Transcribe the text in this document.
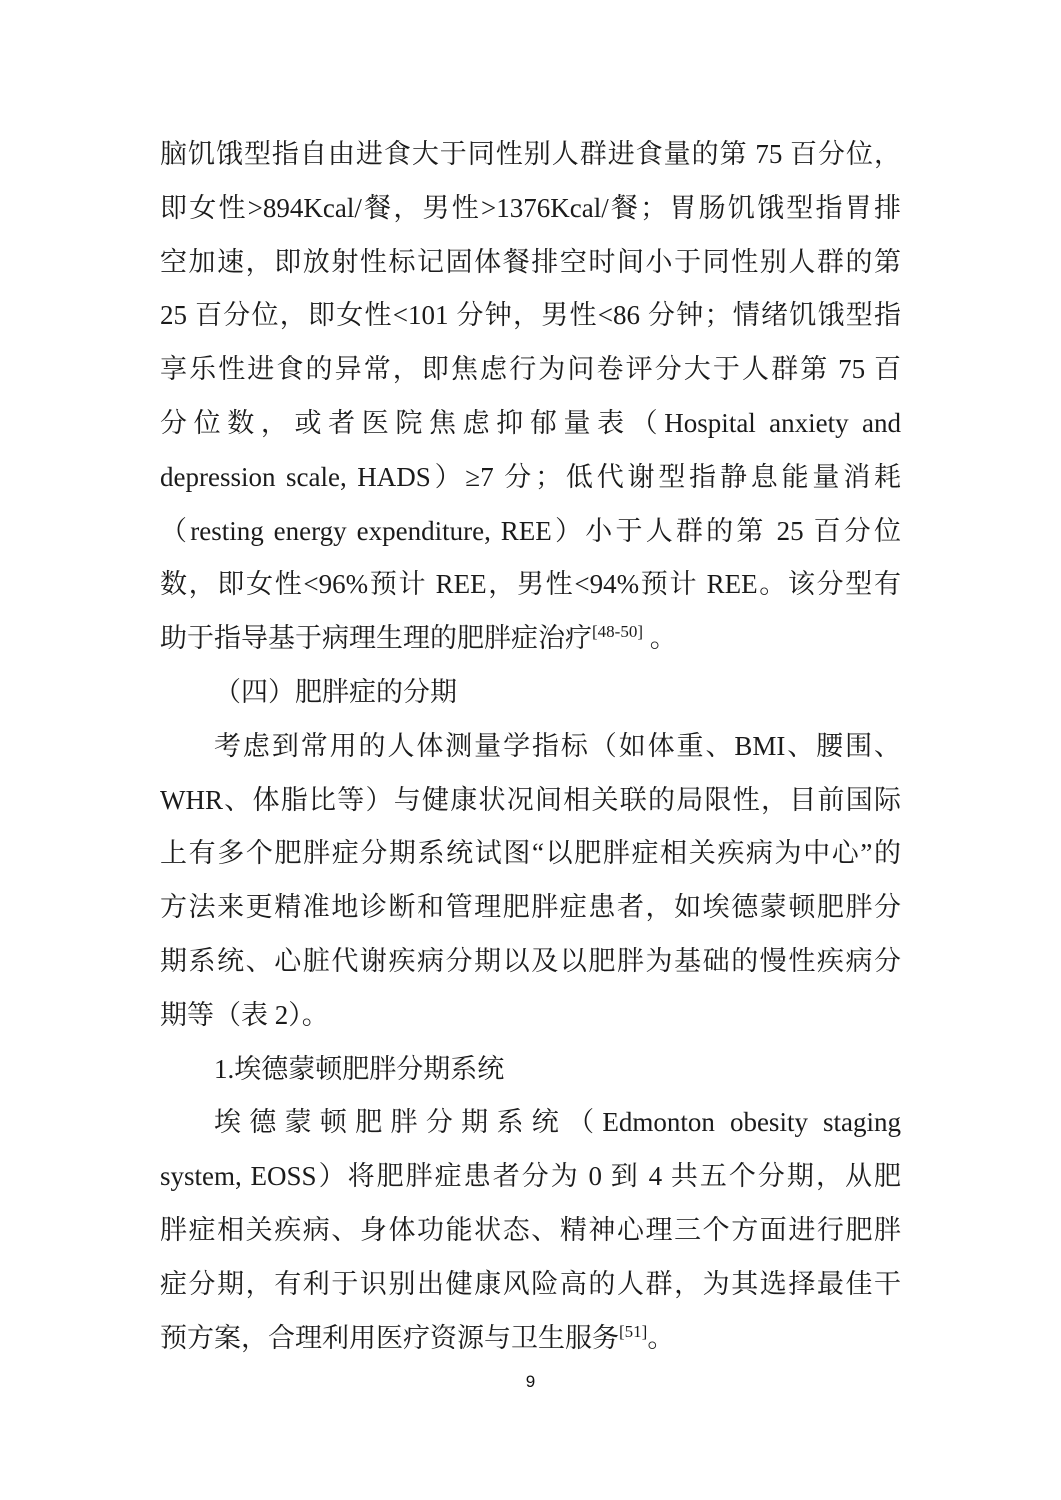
脑饥饿型指自由进食大于同性别人群进食量的第 75 百分位，
即女性>894Kcal/餐，男性>1376Kcal/餐；胃肠饥饿型指胃排
空加速，即放射性标记固体餐排空时间小于同性别人群的第
25 百分位，即女性<101 分钟，男性<86 分钟；情绪饥饿型指
享乐性进食的异常，即焦虑行为问卷评分大于人群第 75 百
分位数，或者医院焦虑抑郁量表（Hospital anxiety and
depression scale, HADS）≥7 分；低代谢型指静息能量消耗
（resting energy expenditure, REE）小于人群的第 25 百分位
数，即女性<96%预计 REE，男性<94%预计 REE。该分型有
助于指导基于病理生理的肥胖症治疗[48-50] 。
（四）肥胖症的分期
考虑到常用的人体测量学指标（如体重、BMI、腰围、
WHR、体脂比等）与健康状况间相关联的局限性，目前国际
上有多个肥胖症分期系统试图“以肥胖症相关疾病为中心”的
方法来更精准地诊断和管理肥胖症患者，如埃德蒙顿肥胖分
期系统、心脏代谢疾病分期以及以肥胖为基础的慢性疾病分
期等（表 2）。
1.埃德蒙顿肥胖分期系统
埃德蒙顿肥胖分期系统（Edmonton obesity staging
system, EOSS）将肥胖症患者分为 0 到 4 共五个分期，从肥
胖症相关疾病、身体功能状态、精神心理三个方面进行肥胖
症分期，有利于识别出健康风险高的人群，为其选择最佳干
预方案，合理利用医疗资源与卫生服务[51]。
9
